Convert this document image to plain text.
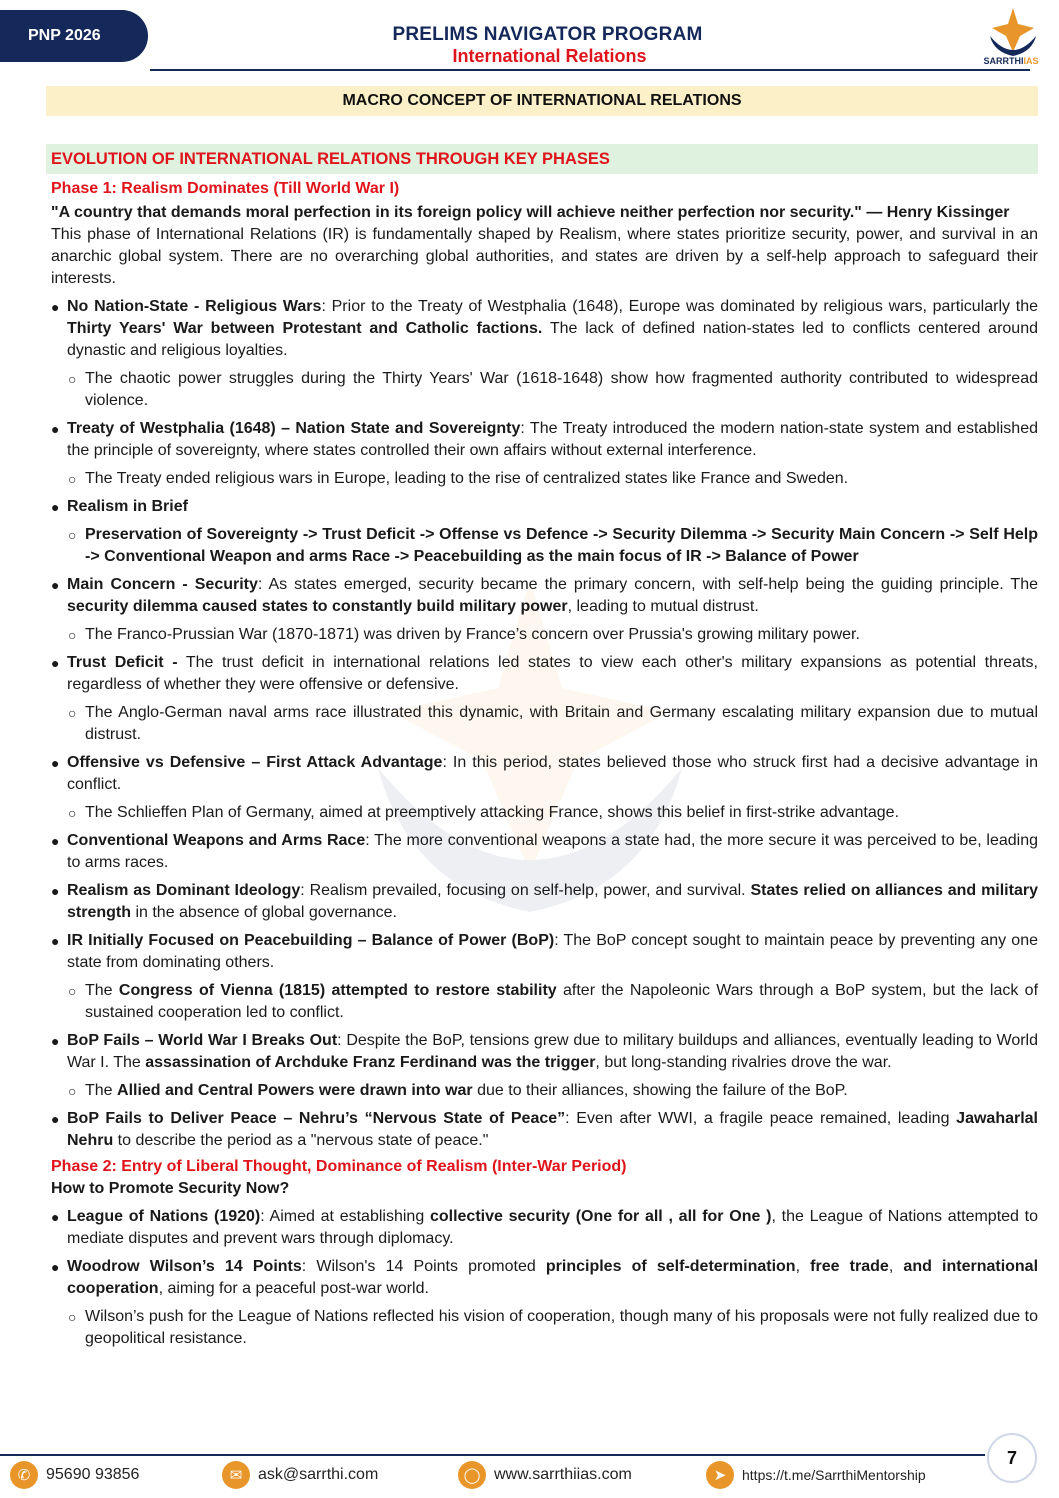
PNP 2026	PRELIMS NAVIGATOR PROGRAM
International Relations	SARRTHIIAS
MACRO CONCEPT OF INTERNATIONAL RELATIONS
EVOLUTION OF INTERNATIONAL RELATIONS THROUGH KEY PHASES
Phase 1: Realism Dominates (Till World War I)
"A country that demands moral perfection in its foreign policy will achieve neither perfection nor security." — Henry Kissinger
This phase of International Relations (IR) is fundamentally shaped by Realism, where states prioritize security, power, and survival in an anarchic global system. There are no overarching global authorities, and states are driven by a self-help approach to safeguard their interests.
● No Nation-State - Religious Wars: Prior to the Treaty of Westphalia (1648), Europe was dominated by religious wars, particularly the Thirty Years' War between Protestant and Catholic factions. The lack of defined nation-states led to conflicts centered around dynastic and religious loyalties.
○ The chaotic power struggles during the Thirty Years' War (1618-1648) show how fragmented authority contributed to widespread violence.
● Treaty of Westphalia (1648) – Nation State and Sovereignty: The Treaty introduced the modern nation-state system and established the principle of sovereignty, where states controlled their own affairs without external interference.
○ The Treaty ended religious wars in Europe, leading to the rise of centralized states like France and Sweden.
● Realism in Brief
○ Preservation of Sovereignty -> Trust Deficit -> Offense vs Defence -> Security Dilemma -> Security Main Concern -> Self Help -> Conventional Weapon and arms Race -> Peacebuilding as the main focus of IR -> Balance of Power
● Main Concern - Security: As states emerged, security became the primary concern, with self-help being the guiding principle. The security dilemma caused states to constantly build military power, leading to mutual distrust.
○ The Franco-Prussian War (1870-1871) was driven by France’s concern over Prussia's growing military power.
● Trust Deficit - The trust deficit in international relations led states to view each other's military expansions as potential threats, regardless of whether they were offensive or defensive.
○ The Anglo-German naval arms race illustrated this dynamic, with Britain and Germany escalating military expansion due to mutual distrust.
● Offensive vs Defensive – First Attack Advantage: In this period, states believed those who struck first had a decisive advantage in conflict.
○ The Schlieffen Plan of Germany, aimed at preemptively attacking France, shows this belief in first-strike advantage.
● Conventional Weapons and Arms Race: The more conventional weapons a state had, the more secure it was perceived to be, leading to arms races.
● Realism as Dominant Ideology: Realism prevailed, focusing on self-help, power, and survival. States relied on alliances and military strength in the absence of global governance.
● IR Initially Focused on Peacebuilding – Balance of Power (BoP): The BoP concept sought to maintain peace by preventing any one state from dominating others.
○ The Congress of Vienna (1815) attempted to restore stability after the Napoleonic Wars through a BoP system, but the lack of sustained cooperation led to conflict.
● BoP Fails – World War I Breaks Out: Despite the BoP, tensions grew due to military buildups and alliances, eventually leading to World War I. The assassination of Archduke Franz Ferdinand was the trigger, but long-standing rivalries drove the war.
○ The Allied and Central Powers were drawn into war due to their alliances, showing the failure of the BoP.
● BoP Fails to Deliver Peace – Nehru’s “Nervous State of Peace”: Even after WWI, a fragile peace remained, leading Jawaharlal Nehru to describe the period as a "nervous state of peace."
Phase 2: Entry of Liberal Thought, Dominance of Realism (Inter-War Period)
How to Promote Security Now?
● League of Nations (1920): Aimed at establishing collective security (One for all , all for One ), the League of Nations attempted to mediate disputes and prevent wars through diplomacy.
● Woodrow Wilson’s 14 Points: Wilson's 14 Points promoted principles of self-determination, free trade, and international cooperation, aiming for a peaceful post-war world.
○ Wilson’s push for the League of Nations reflected his vision of cooperation, though many of his proposals were not fully realized due to geopolitical resistance.
✆ 95690 93856	✉ ask@sarrthi.com	◯ www.sarrthiias.com	➤	https://t.me/SarrthiMentorship
7
